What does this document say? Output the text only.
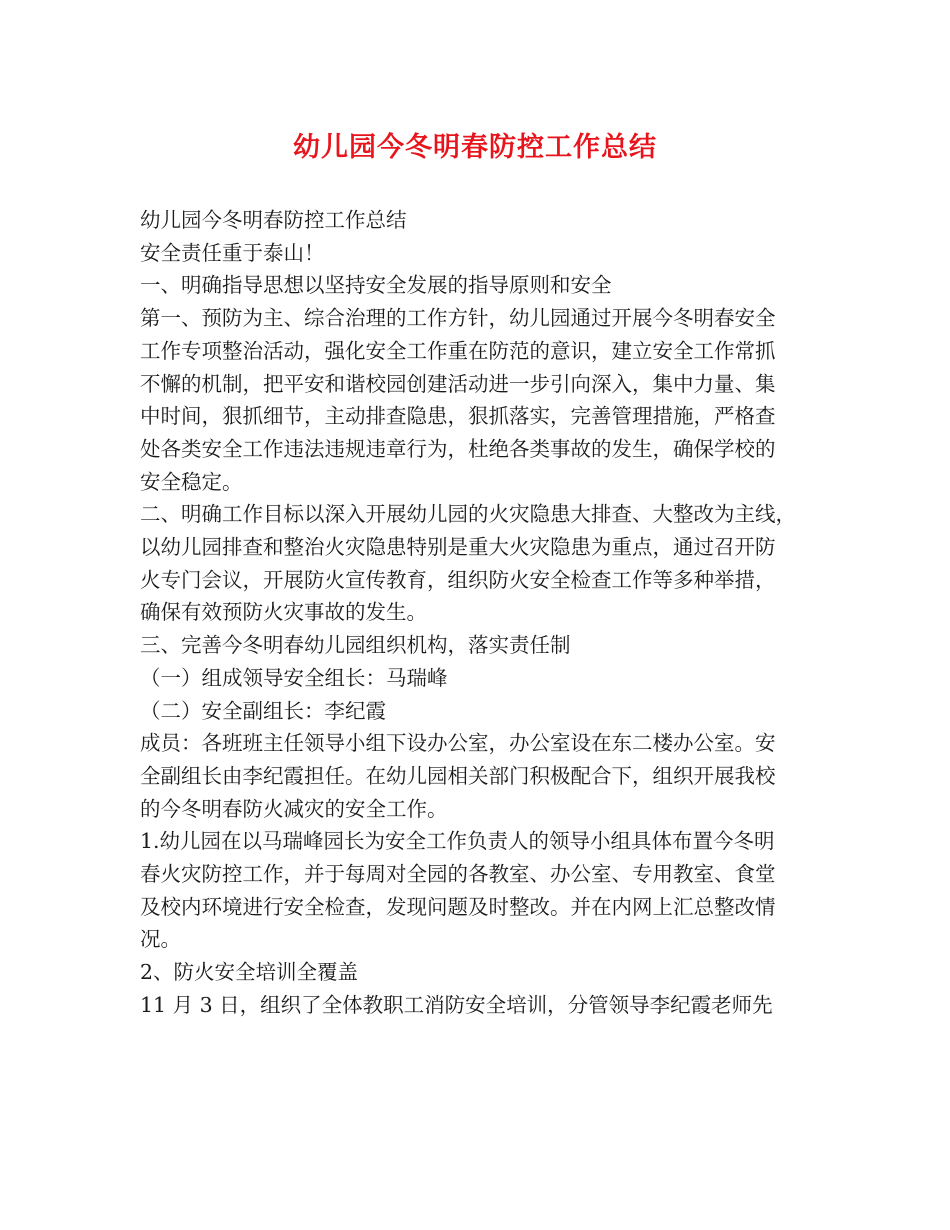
幼儿园今冬明春防控工作总结
幼儿园今冬明春防控工作总结
安全责任重于泰山！
一、明确指导思想以坚持安全发展的指导原则和安全
第一、预防为主、综合治理的工作方针，幼儿园通过开展今冬明春安全
工作专项整治活动，强化安全工作重在防范的意识，建立安全工作常抓
不懈的机制，把平安和谐校园创建活动进一步引向深入，集中力量、集
中时间，狠抓细节，主动排查隐患，狠抓落实，完善管理措施，严格查
处各类安全工作违法违规违章行为，杜绝各类事故的发生，确保学校的
安全稳定。
二、明确工作目标以深入开展幼儿园的火灾隐患大排查、大整改为主线，
以幼儿园排查和整治火灾隐患特别是重大火灾隐患为重点，通过召开防
火专门会议，开展防火宣传教育，组织防火安全检查工作等多种举措，
确保有效预防火灾事故的发生。
三、完善今冬明春幼儿园组织机构，落实责任制
（一）组成领导安全组长：马瑞峰
（二）安全副组长：李纪霞
成员：各班班主任领导小组下设办公室，办公室设在东二楼办公室。安
全副组长由李纪霞担任。在幼儿园相关部门积极配合下，组织开展我校
的今冬明春防火减灾的安全工作。
1.幼儿园在以马瑞峰园长为安全工作负责人的领导小组具体布置今冬明
春火灾防控工作，并于每周对全园的各教室、办公室、专用教室、食堂
及校内环境进行安全检查，发现问题及时整改。并在内网上汇总整改情
况。
2、防火安全培训全覆盖
11 月 3 日，组织了全体教职工消防安全培训，分管领导李纪霞老师先
